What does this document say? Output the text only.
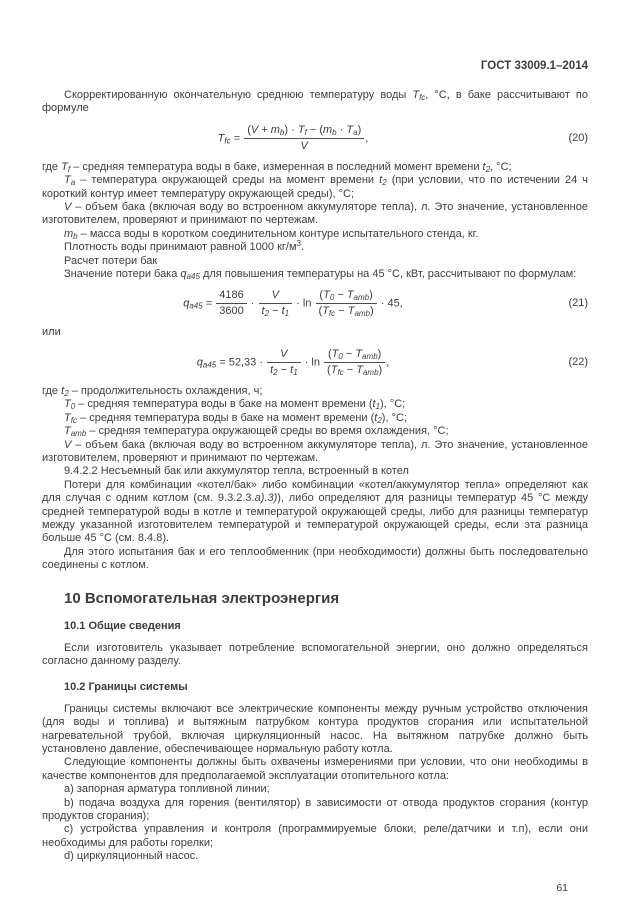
ГОСТ 33009.1–2014

Скорректированную окончательную среднюю температуру воды $T_{fc}$, °С, в баке рассчитывают по формуле

$T_{fc} = \frac{(V + m_b) \cdot T_f - (m_b \cdot T_a)}{V}$ ,	(20)

где $T_f$ – средняя температура воды в баке, измеренная в последний момент времени $t_2$, °С;

$T_a$ – температура окружающей среды на момент времени $t_2$ (при условии, что по истечении 24 ч короткий контур имеет температуру окружающей среды), °С;

V – объем бака (включая воду во встроенном аккумуляторе тепла), л. Это значение, установленное изготовителем, проверяют и принимают по чертежам.

$m_b$ – масса воды в коротком соединительном контуре испытательного стенда, кг.

Плотность воды принимают равной 1000 $кг/м^3$.

Расчет потери бак

Значение потери бака $q_{a45}$ для повышения температуры на 45 °С, кВт, рассчитывают по формулам:

$q_{a45} = \frac{4186}{3600} \cdot \frac{V}{t_2 - t_1} \cdot \ln \frac{(T_0 - T_{amb})}{(T_{fc} - T_{amb})} \cdot 45$,	(21)

или

$q_{a45} = 52,33 \cdot \frac{V}{t_2 - t_1} \cdot \ln \frac{(T_0 - T_{amb})}{(T_{fc} - T_{amb})}$ ,	(22)

где $t_2$ – продолжительность охлаждения, ч;

$T_0$ – средняя температура воды в баке на момент времени $(t_1)$, °С;

$T_{fc}$ – средняя температура воды в баке на момент времени $(t_2)$, °С;

$T_{amb}$ – средняя температура окружающей среды во время охлаждения, °С;

V – объем бака (включая воду во встроенном аккумуляторе тепла), л. Это значение, установленное изготовителем, проверяют и принимают по чертежам.

9.4.2.2 Несъемный бак или аккумулятор тепла, встроенный в котел

Потери для комбинации «котел/бак» либо комбинации «котел/аккумулятор тепла» определяют как для случая с одним котлом (см. 9.3.2.3.а).3)), либо определяют для разницы температур 45 °С между средней температурой воды в котле и температурой окружающей среды, либо для разницы температур между указанной изготовителем температурой и температурой окружающей среды, если эта разница больше 45 °С (см. 8.4.8).

Для этого испытания бак и его теплообменник (при необходимости) должны быть последовательно соединены с котлом.

10 Вспомогательная электроэнергия
10.1 Общие сведения

Если изготовитель указывает потребление вспомогательной энергии, оно должно определяться согласно данному разделу.

10.2 Границы системы

Границы системы включают все электрические компоненты между ручным устройство отключения (для воды и топлива) и вытяжным патрубком контура продуктов сгорания или испытательной нагревательной трубой, включая циркуляционный насос. На вытяжном патрубке должно быть установлено давление, обеспечивающее нормальную работу котла.

Следующие компоненты должны быть охвачены измерениями при условии, что они необходимы в качестве компонентов для предполагаемой эксплуатации отопительного котла:

a) запорная арматура топливной линии;

b) подача воздуха для горения (вентилятор) в зависимости от отвода продуктов сгорания (контур продуктов сгорания);

c) устройства управления и контроля (программируемые блоки, реле/датчики и т.п), если они необходимы для работы горелки;

d) циркуляционный насос.

61
